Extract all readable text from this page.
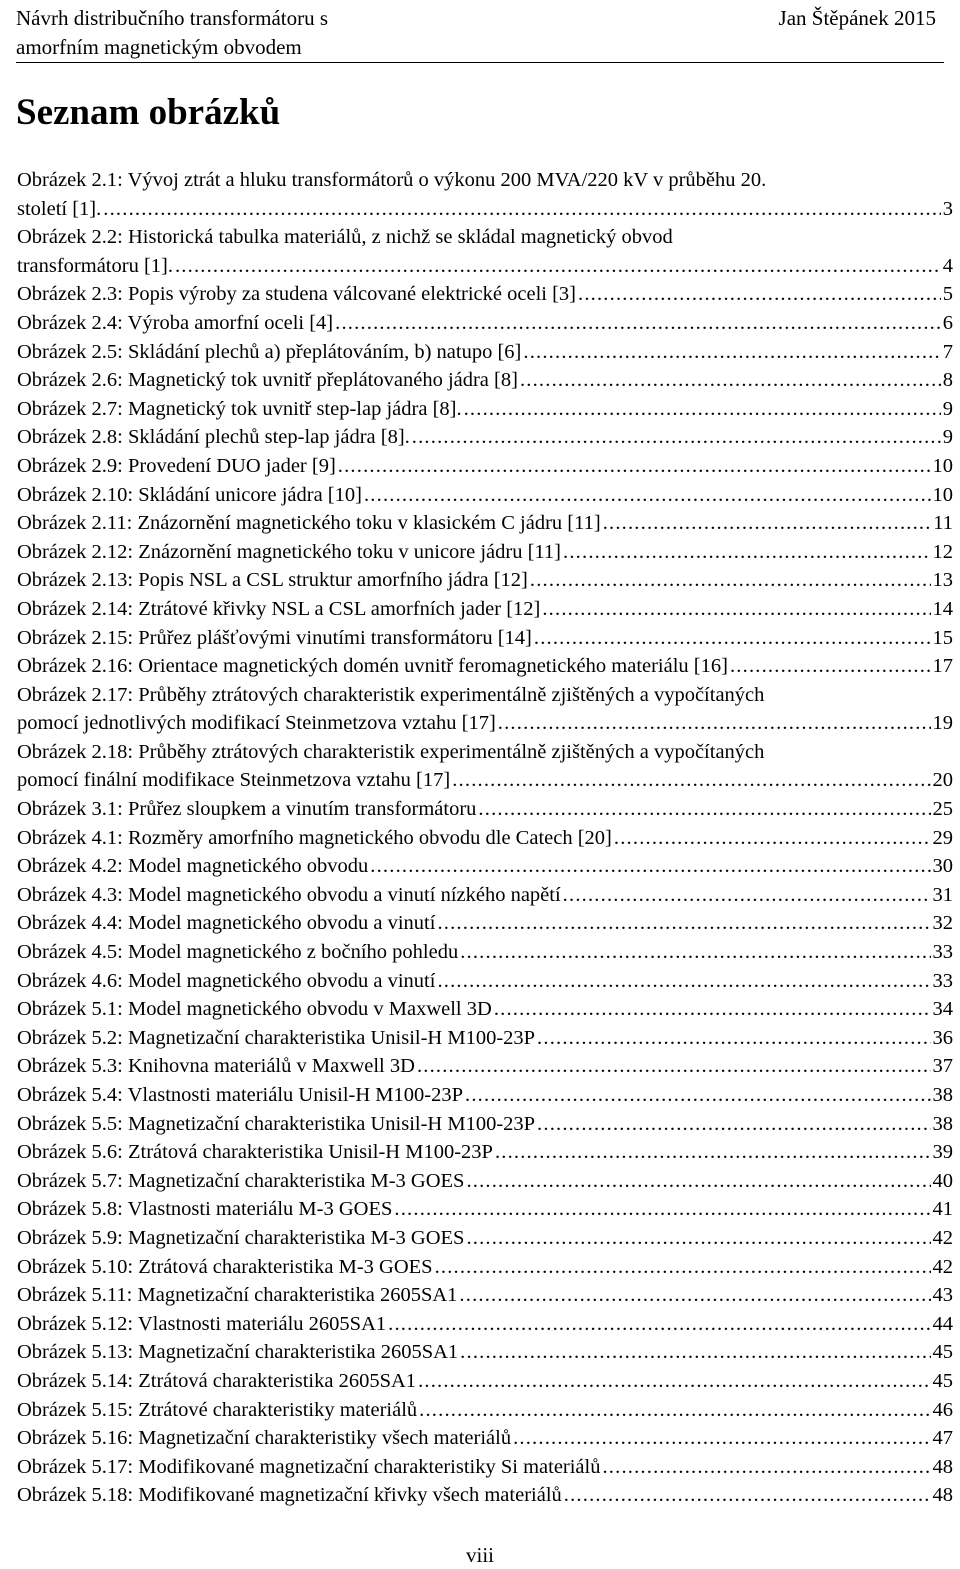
Návrh distribučního transformátoru s
amorfním magnetickým obvodem
Jan Štěpánek 2015
Seznam obrázků
Obrázek 2.1: Vývoj ztrát a hluku transformátorů o výkonu 200 MVA/220 kV v průběhu 20.
století [1]. .....	3
Obrázek 2.2: Historická tabulka materiálů, z nichž se skládal magnetický obvod
transformátoru [1]. .....	4
Obrázek 2.3: Popis výroby za studena válcované elektrické oceli [3] .....	5
Obrázek 2.4: Výroba amorfní oceli [4] .....	6
Obrázek 2.5: Skládání plechů a) přeplátováním, b) natupo [6] .....	7
Obrázek 2.6: Magnetický tok uvnitř přeplátovaného jádra [8] .....	8
Obrázek 2.7: Magnetický tok uvnitř step-lap jádra [8]. .....	9
Obrázek 2.8: Skládání plechů step-lap jádra [8]. .....	9
Obrázek 2.9: Provedení DUO jader [9] .....	10
Obrázek 2.10: Skládání unicore jádra [10] .....	10
Obrázek 2.11: Znázornění magnetického toku v klasickém C jádru [11] .....	11
Obrázek 2.12: Znázornění magnetického toku v unicore jádru [11] .....	12
Obrázek 2.13: Popis NSL a CSL struktur amorfního jádra [12] .....	13
Obrázek 2.14: Ztrátové křivky NSL a CSL amorfních jader [12] .....	14
Obrázek 2.15: Průřez plášťovými vinutími transformátoru [14] .....	15
Obrázek 2.16: Orientace magnetických domén uvnitř feromagnetického materiálu [16] .....	17
Obrázek 2.17: Průběhy ztrátových charakteristik experimentálně zjištěných a vypočítaných
pomocí jednotlivých modifikací Steinmetzova vztahu [17] .....	19
Obrázek 2.18: Průběhy ztrátových charakteristik experimentálně zjištěných a vypočítaných
pomocí finální modifikace Steinmetzova vztahu [17] .....	20
Obrázek 3.1: Průřez sloupkem a vinutím transformátoru .....	25
Obrázek 4.1: Rozměry amorfního magnetického obvodu dle Catech [20] .....	29
Obrázek 4.2: Model magnetického obvodu .....	30
Obrázek 4.3: Model magnetického obvodu a vinutí nízkého napětí .....	31
Obrázek 4.4: Model magnetického obvodu a vinutí .....	32
Obrázek 4.5: Model magnetického z bočního pohledu .....	33
Obrázek 4.6: Model magnetického obvodu a vinutí .....	33
Obrázek 5.1: Model magnetického obvodu v Maxwell 3D .....	34
Obrázek 5.2: Magnetizační charakteristika Unisil-H M100-23P .....	36
Obrázek 5.3: Knihovna materiálů v Maxwell 3D .....	37
Obrázek 5.4: Vlastnosti materiálu Unisil-H M100-23P .....	38
Obrázek 5.5: Magnetizační charakteristika Unisil-H M100-23P .....	38
Obrázek 5.6: Ztrátová charakteristika Unisil-H M100-23P .....	39
Obrázek 5.7: Magnetizační charakteristika M-3 GOES .....	40
Obrázek 5.8: Vlastnosti materiálu M-3 GOES .....	41
Obrázek 5.9: Magnetizační charakteristika M-3 GOES .....	42
Obrázek 5.10: Ztrátová charakteristika M-3 GOES .....	42
Obrázek 5.11: Magnetizační charakteristika 2605SA1 .....	43
Obrázek 5.12: Vlastnosti materiálu 2605SA1 .....	44
Obrázek 5.13: Magnetizační charakteristika 2605SA1 .....	45
Obrázek 5.14: Ztrátová charakteristika 2605SA1 .....	45
Obrázek 5.15: Ztrátové charakteristiky materiálů .....	46
Obrázek 5.16: Magnetizační charakteristiky všech materiálů .....	47
Obrázek 5.17: Modifikované magnetizační charakteristiky Si materiálů .....	48
Obrázek 5.18: Modifikované magnetizační křivky všech materiálů .....	48
viii
